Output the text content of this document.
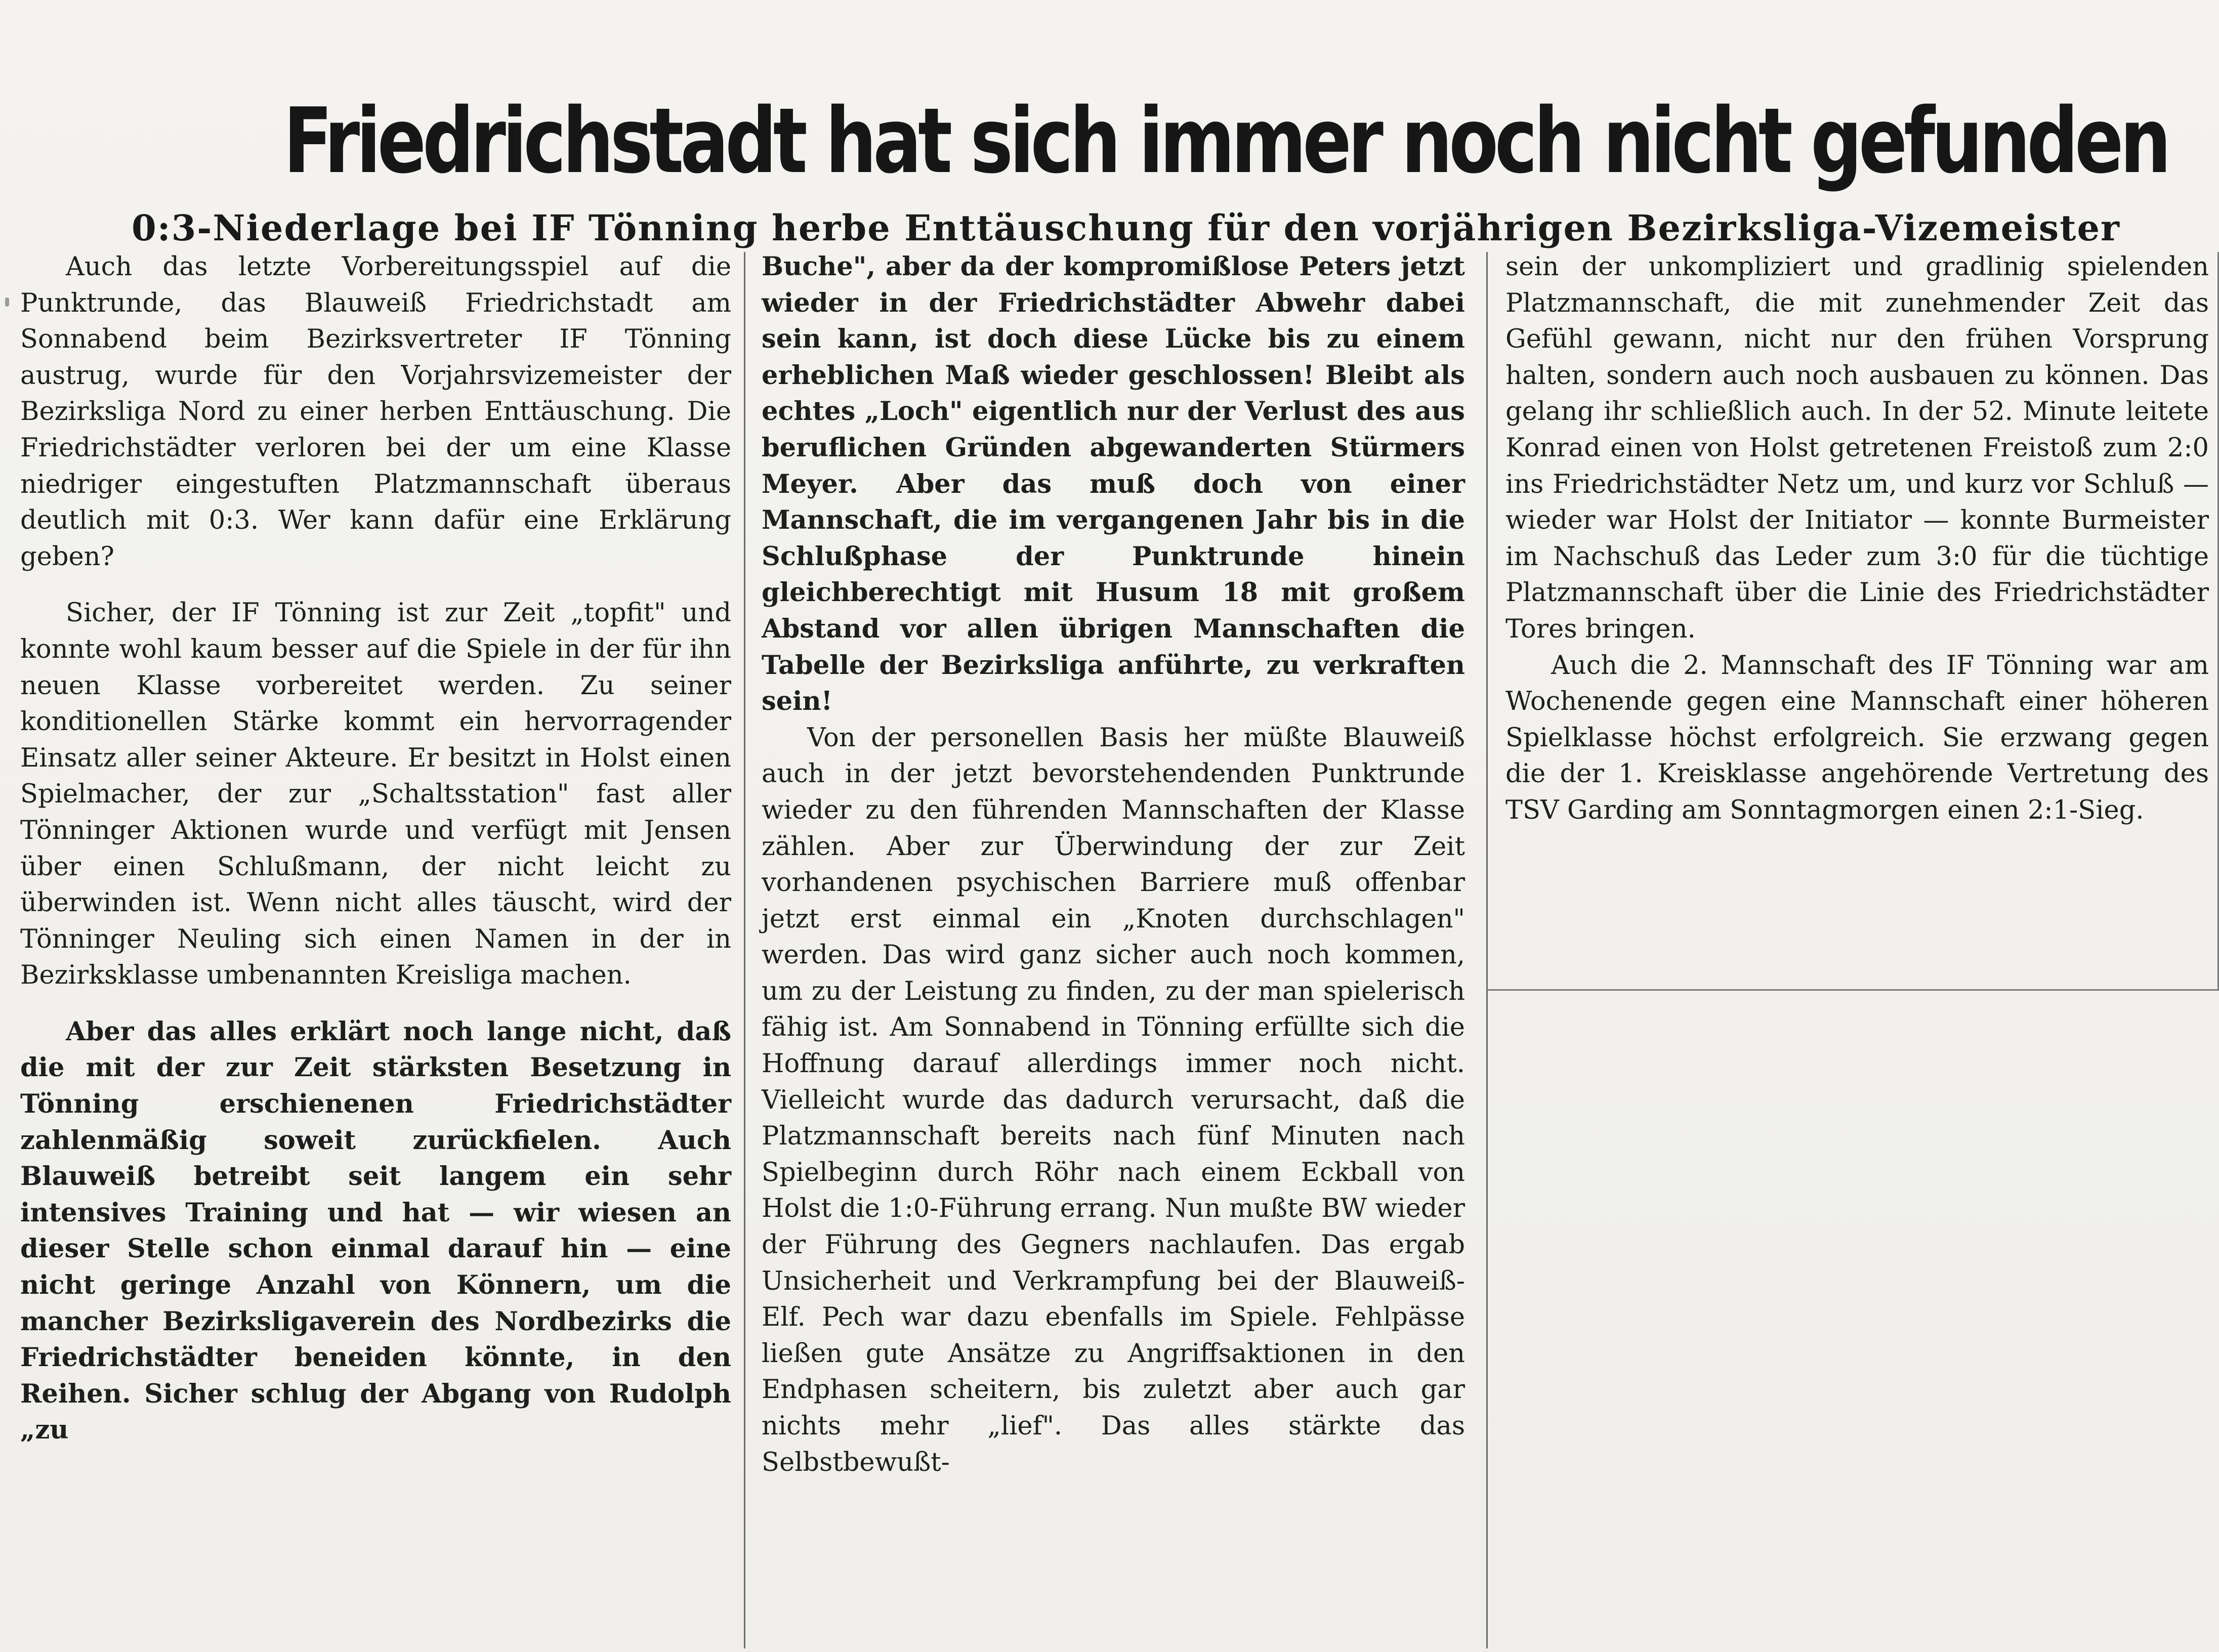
Friedrichstadt hat sich immer noch nicht gefunden
0:3-Niederlage bei IF Tönning herbe Enttäuschung für den vorjährigen Bezirksliga-Vizemeister

Auch das letzte Vorbereitungsspiel auf die Punktrunde, das Blauweiß Friedrichstadt am Sonnabend beim Bezirksvertreter IF Tönning austrug, wurde für den Vorjahrsvizemeister der Bezirksliga Nord zu einer herben Enttäuschung. Die Friedrichstädter verloren bei der um eine Klasse niedriger eingestuften Platzmannschaft überaus deutlich mit 0:3. Wer kann dafür eine Erklärung geben?

Sicher, der IF Tönning ist zur Zeit „topfit" und konnte wohl kaum besser auf die Spiele in der für ihn neuen Klasse vorbereitet werden. Zu seiner konditionellen Stärke kommt ein hervorragender Einsatz aller seiner Akteure. Er besitzt in Holst einen Spielmacher, der zur „Schaltsstation" fast aller Tönninger Aktionen wurde und verfügt mit Jensen über einen Schlußmann, der nicht leicht zu überwinden ist. Wenn nicht alles täuscht, wird der Tönninger Neuling sich einen Namen in der in Bezirksklasse umbenannten Kreisliga machen.

Aber das alles erklärt noch lange nicht, daß die mit der zur Zeit stärksten Besetzung in Tönning erschienenen Friedrichstädter zahlenmäßig soweit zurückfielen. Auch Blauweiß betreibt seit langem ein sehr intensives Training und hat — wir wiesen an dieser Stelle schon einmal darauf hin — eine nicht geringe Anzahl von Könnern, um die mancher Bezirksligaverein des Nordbezirks die Friedrichstädter beneiden könnte, in den Reihen. Sicher schlug der Abgang von Rudolph „zu

Buche", aber da der kompromißlose Peters jetzt wieder in der Friedrichstädter Abwehr dabei sein kann, ist doch diese Lücke bis zu einem erheblichen Maß wieder geschlossen! Bleibt als echtes „Loch" eigentlich nur der Verlust des aus beruflichen Gründen abgewanderten Stürmers Meyer. Aber das muß doch von einer Mannschaft, die im vergangenen Jahr bis in die Schlußphase der Punktrunde hinein gleichberechtigt mit Husum 18 mit großem Abstand vor allen übrigen Mannschaften die Tabelle der Bezirksliga anführte, zu verkraften sein!

Von der personellen Basis her müßte Blauweiß auch in der jetzt bevorstehendenden Punktrunde wieder zu den führenden Mannschaften der Klasse zählen. Aber zur Überwindung der zur Zeit vorhandenen psychischen Barriere muß offenbar jetzt erst einmal ein „Knoten durchschlagen" werden. Das wird ganz sicher auch noch kommen, um zu der Leistung zu finden, zu der man spielerisch fähig ist. Am Sonnabend in Tönning erfüllte sich die Hoffnung darauf allerdings immer noch nicht. Vielleicht wurde das dadurch verursacht, daß die Platzmannschaft bereits nach fünf Minuten nach Spielbeginn durch Röhr nach einem Eckball von Holst die 1:0-Führung errang. Nun mußte BW wieder der Führung des Gegners nachlaufen. Das ergab Unsicherheit und Verkrampfung bei der Blauweiß-Elf. Pech war dazu ebenfalls im Spiele. Fehlpässe ließen gute Ansätze zu Angriffsaktionen in den Endphasen scheitern, bis zuletzt aber auch gar nichts mehr „lief". Das alles stärkte das Selbstbewußt-

sein der unkompliziert und gradlinig spielenden Platzmannschaft, die mit zunehmender Zeit das Gefühl gewann, nicht nur den frühen Vorsprung halten, sondern auch noch ausbauen zu können. Das gelang ihr schließlich auch. In der 52. Minute leitete Konrad einen von Holst getretenen Freistoß zum 2:0 ins Friedrichstädter Netz um, und kurz vor Schluß — wieder war Holst der Initiator — konnte Burmeister im Nachschuß das Leder zum 3:0 für die tüchtige Platzmannschaft über die Linie des Friedrichstädter Tores bringen.

Auch die 2. Mannschaft des IF Tönning war am Wochenende gegen eine Mannschaft einer höheren Spielklasse höchst erfolgreich. Sie erzwang gegen die der 1. Kreisklasse angehörende Vertretung des TSV Garding am Sonntagmorgen einen 2:1-Sieg.
